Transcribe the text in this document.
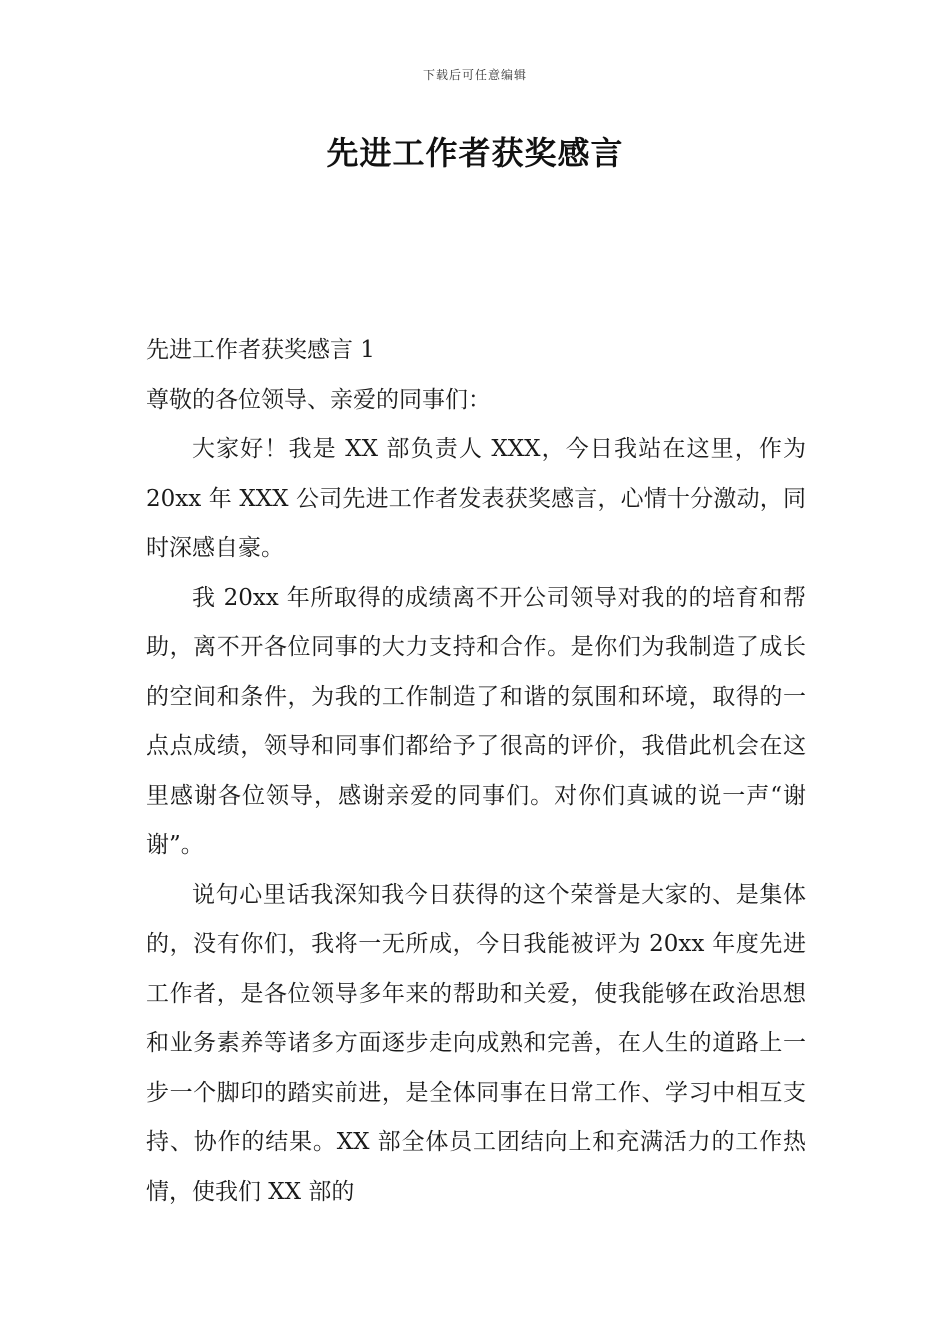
下载后可任意编辑
先进工作者获奖感言

先进工作者获奖感言 1

尊敬的各位领导、亲爱的同事们：

大家好！我是 XX 部负责人 XXX，今日我站在这里，作为 20xx 年 XXX 公司先进工作者发表获奖感言，心情十分激动，同时深感自豪。

我 20xx 年所取得的成绩离不开公司领导对我的的培育和帮助，离不开各位同事的大力支持和合作。是你们为我制造了成长的空间和条件，为我的工作制造了和谐的氛围和环境，取得的一点点成绩，领导和同事们都给予了很高的评价，我借此机会在这里感谢各位领导，感谢亲爱的同事们。对你们真诚的说一声“谢谢”。

说句心里话我深知我今日获得的这个荣誉是大家的、是集体的，没有你们，我将一无所成，今日我能被评为 20xx 年度先进工作者，是各位领导多年来的帮助和关爱，使我能够在政治思想和业务素养等诸多方面逐步走向成熟和完善，在人生的道路上一步一个脚印的踏实前进，是全体同事在日常工作、学习中相互支持、协作的结果。XX 部全体员工团结向上和充满活力的工作热情，使我们 XX 部的
